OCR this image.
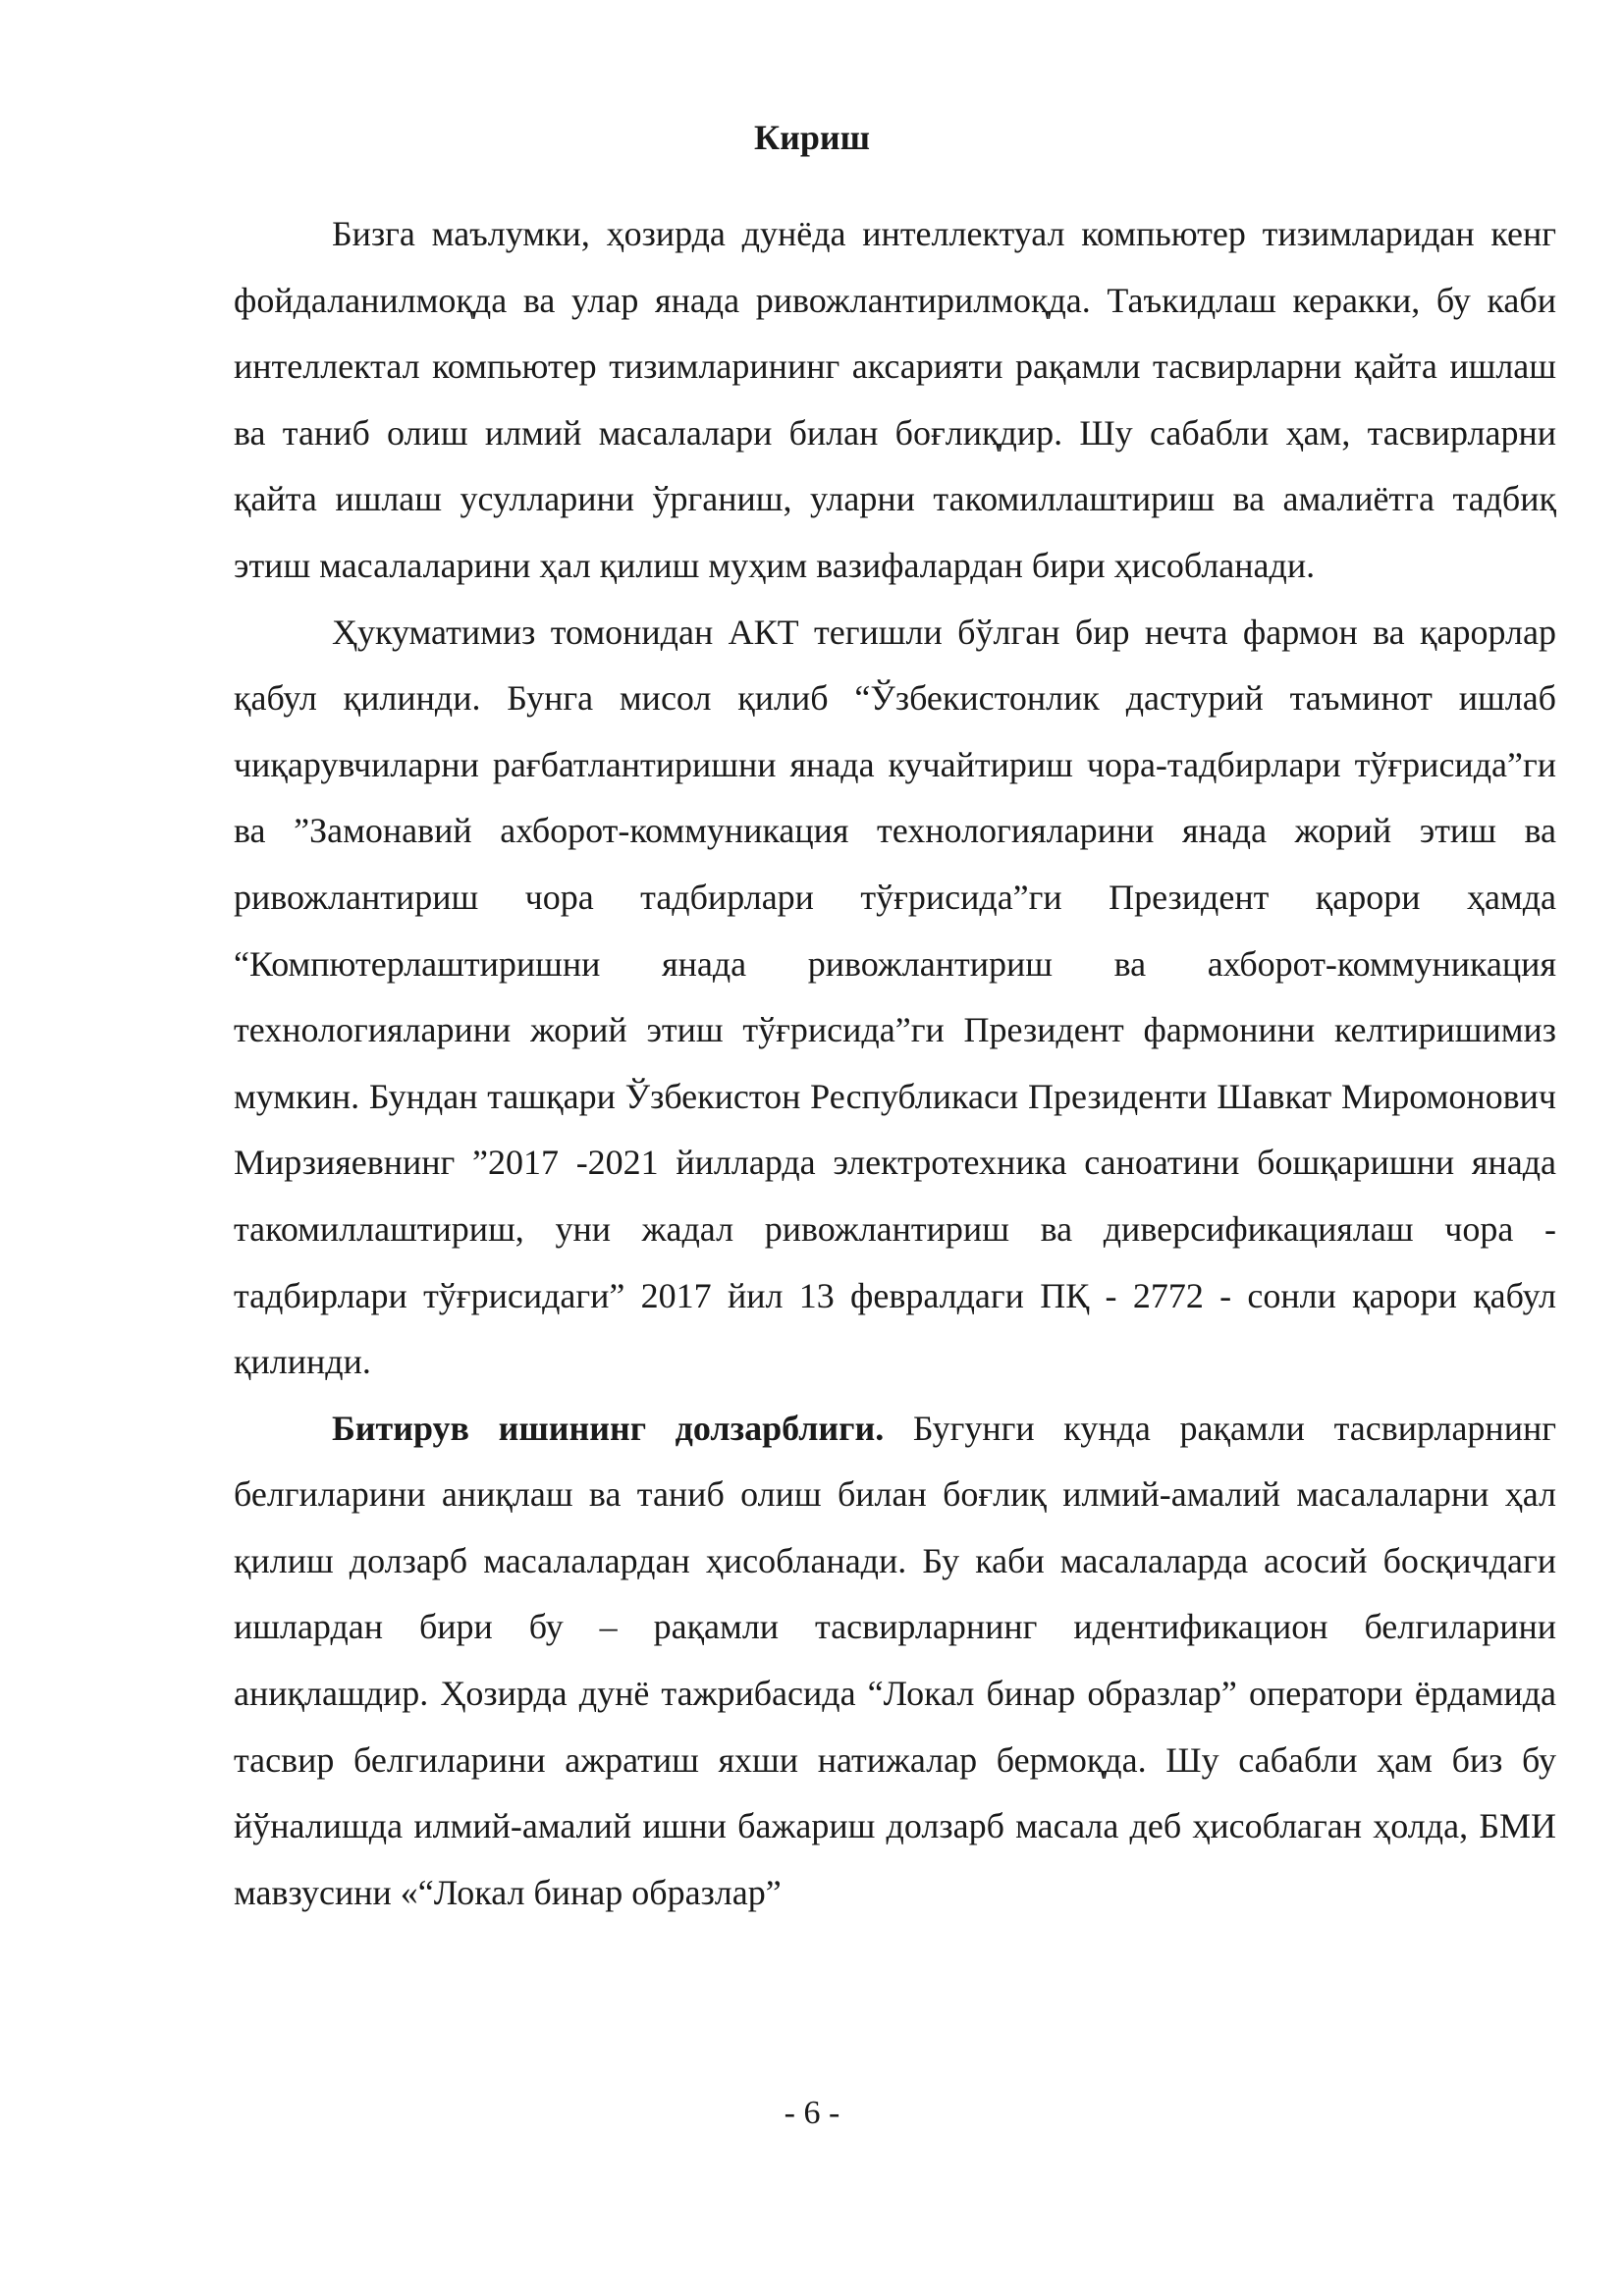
Кириш

Бизга маълумки, ҳозирда дунёда интеллектуал компьютер тизимларидан кенг фойдаланилмоқда ва улар янада ривожлантирилмоқда. Таъкидлаш керакки, бу каби интеллектал компьютер тизимларининг аксарияти рақамли тасвирларни қайта ишлаш ва таниб олиш илмий масалалари билан боғлиқдир. Шу сабабли ҳам, тасвирларни қайта ишлаш усулларини ўрганиш, уларни такомиллаштириш ва амалиётга тадбиқ этиш масалаларини ҳал қилиш муҳим вазифалардан бири ҳисобланади.

Ҳукуматимиз томонидан АКТ тегишли бўлган бир нечта фармон ва қарорлар қабул қилинди. Бунга мисол қилиб “Ўзбекистонлик дастурий таъминот ишлаб чиқарувчиларни рағбатлантиришни янада кучайтириш чора-тадбирлари тўғрисида”ги ва ”Замонавий ахборот-коммуникация технологияларини янада жорий этиш ва ривожлантириш чора тадбирлари тўғрисида”ги Президент қарори ҳамда “Компютерлаштиришни янада ривожлантириш ва ахборот-коммуникация технологияларини жорий этиш тўғрисида”ги Президент фармонини келтиришимиз мумкин. Бундан ташқари Ўзбекистон Республикаси Президенти Шавкат Миромонович Мирзияевнинг ”2017 -2021 йилларда электротехника саноатини бошқаришни янада такомиллаштириш, уни жадал ривожлантириш ва диверсификациялаш чора - тадбирлари тўғрисидаги” 2017 йил 13 февралдаги ПҚ - 2772 - сонли қарори қабул қилинди.

Битирув ишининг долзарблиги. Бугунги кунда рақамли тасвирларнинг белгиларини аниқлаш ва таниб олиш билан боғлиқ илмий-амалий масалаларни ҳал қилиш долзарб масалалардан ҳисобланади. Бу каби масалаларда асосий босқичдаги ишлардан бири бу – рақамли тасвирларнинг идентификацион белгиларини аниқлашдир. Ҳозирда дунё тажрибасида “Локал бинар образлар” оператори ёрдамида тасвир белгиларини ажратиш яхши натижалар бермоқда. Шу сабабли ҳам биз бу йўналишда илмий-амалий ишни бажариш долзарб масала деб ҳисоблаган ҳолда, БМИ мавзусини «“Локал бинар образлар”

- 6 -
